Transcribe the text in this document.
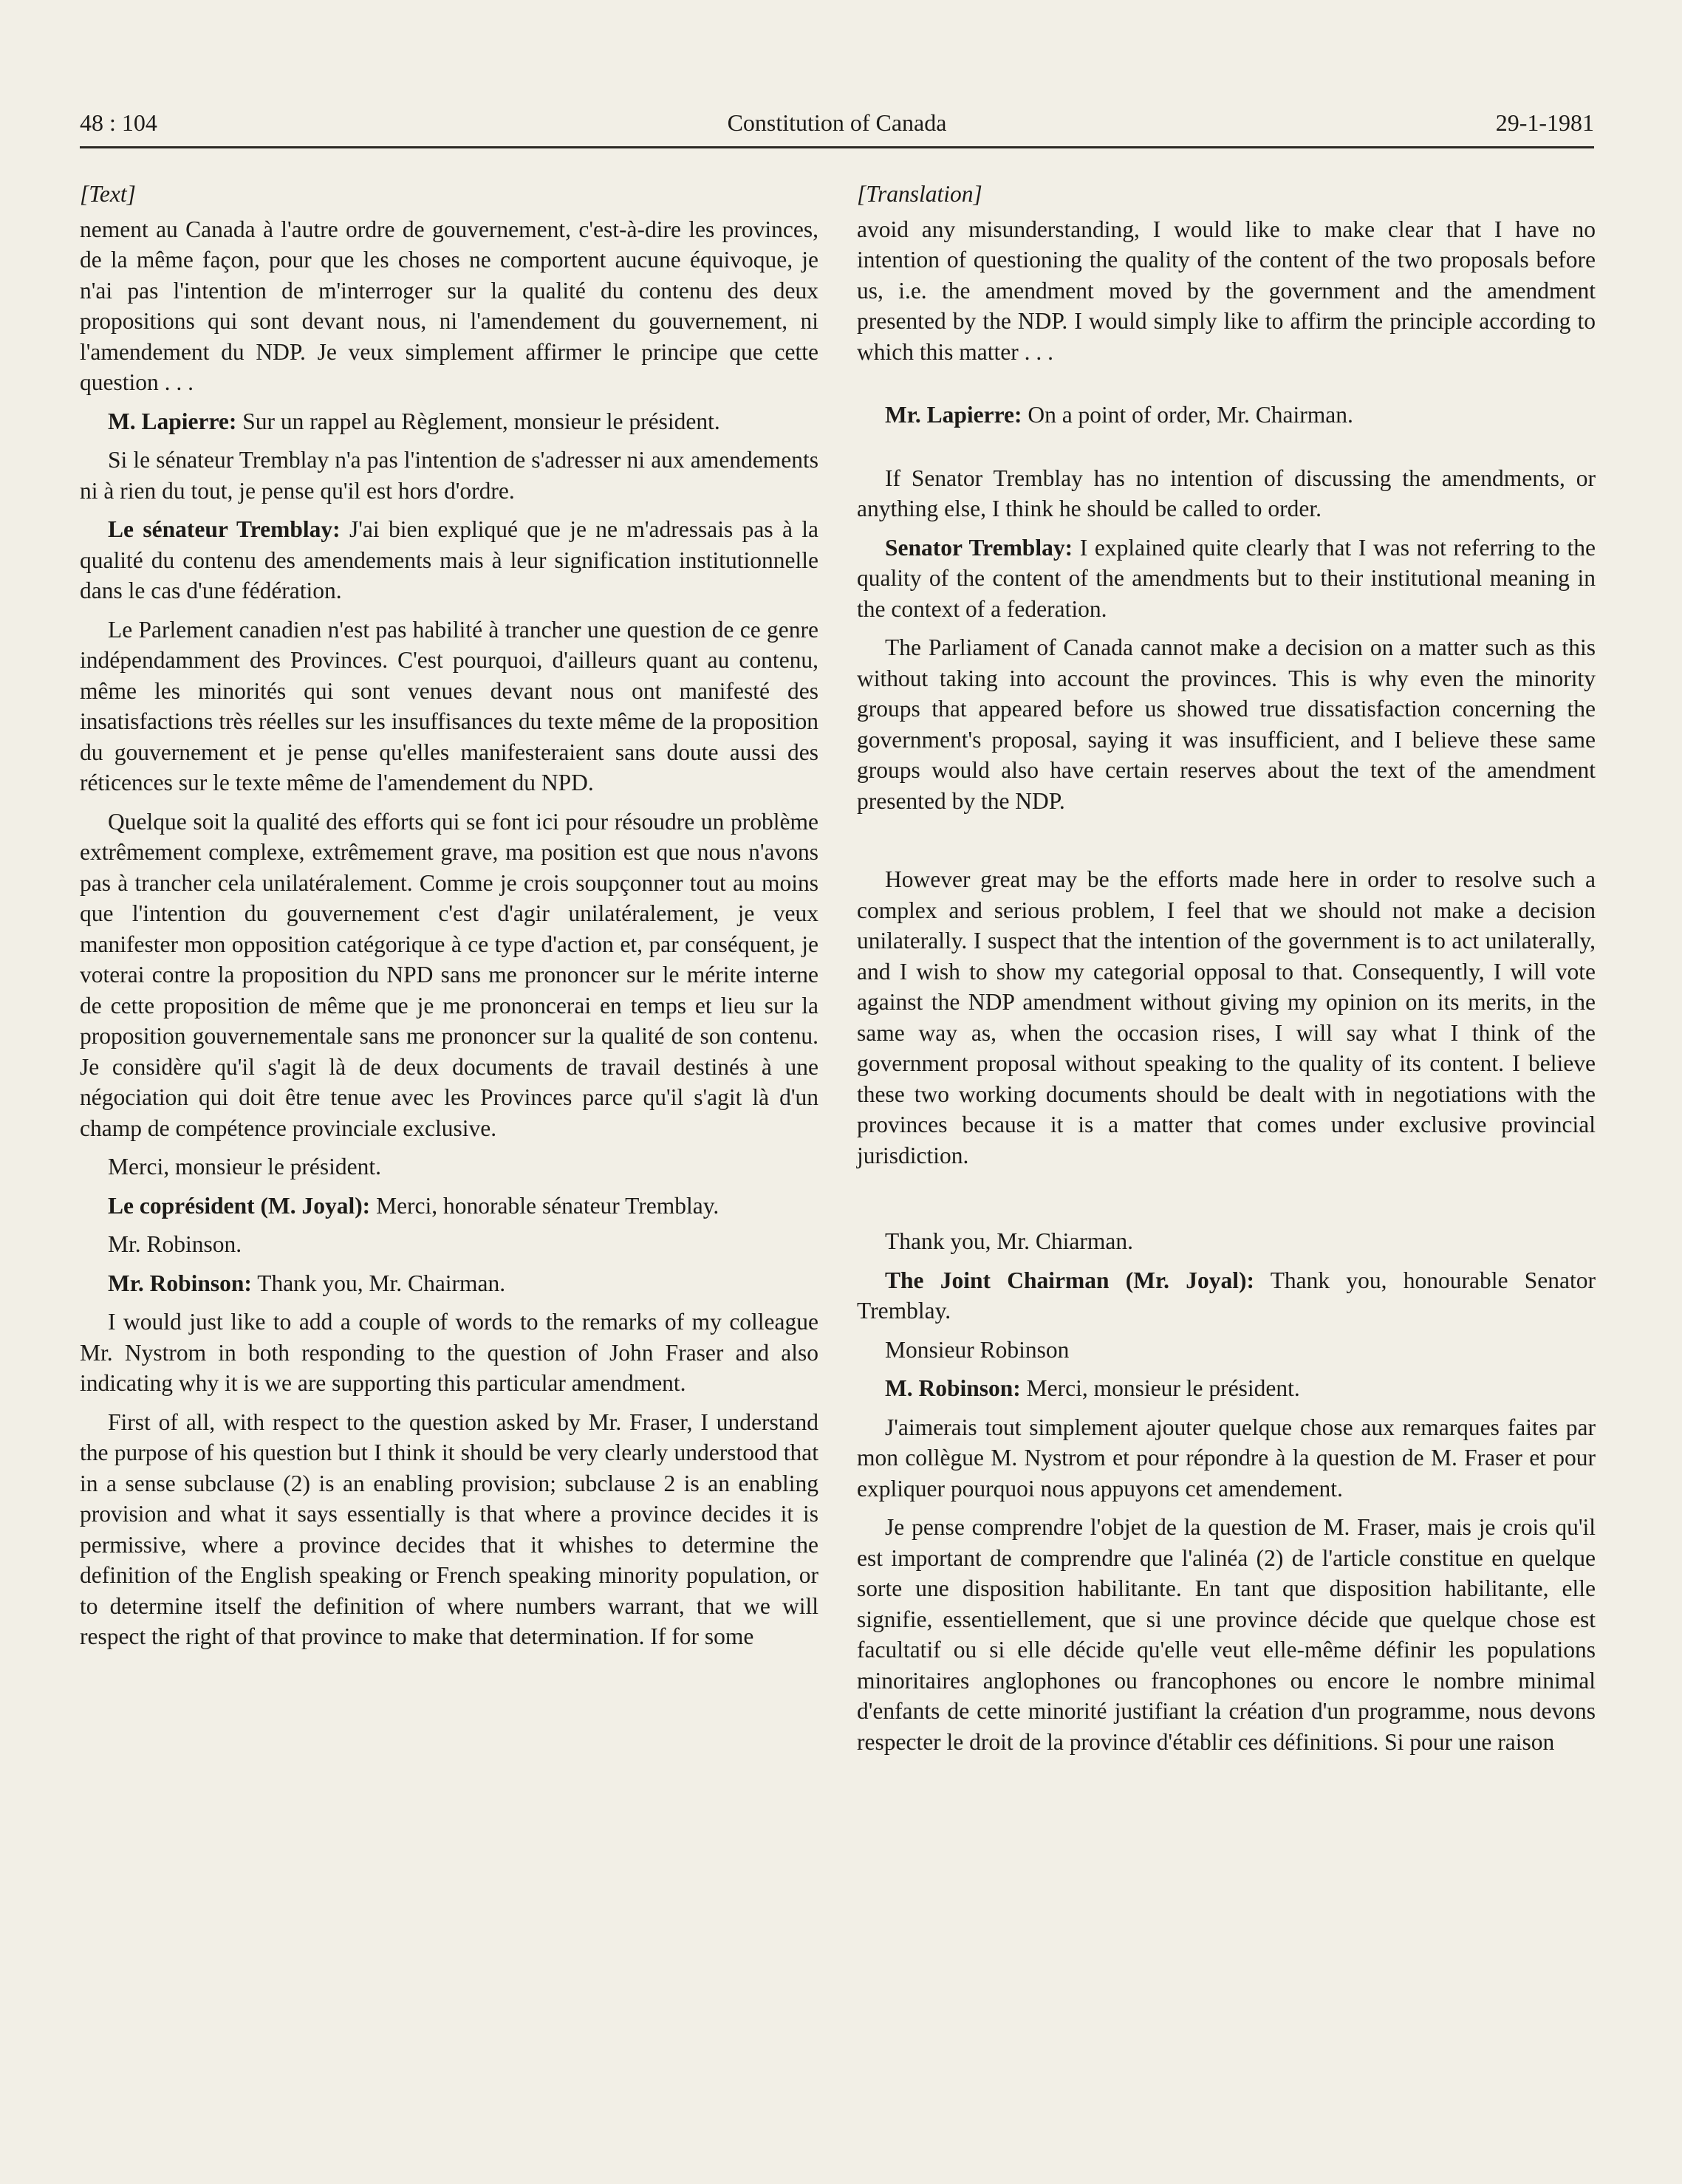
48 : 104	Constitution of Canada	29-1-1981
[Text]

nement au Canada à l'autre ordre de gouvernement, c'est-à-dire les provinces, de la même façon, pour que les choses ne comportent aucune équivoque, je n'ai pas l'intention de m'interroger sur la qualité du contenu des deux propositions qui sont devant nous, ni l'amendement du gouvernement, ni l'amendement du NDP. Je veux simplement affirmer le principe que cette question . . .

M. Lapierre: Sur un rappel au Règlement, monsieur le président.

Si le sénateur Tremblay n'a pas l'intention de s'adresser ni aux amendements ni à rien du tout, je pense qu'il est hors d'ordre.

Le sénateur Tremblay: J'ai bien expliqué que je ne m'adressais pas à la qualité du contenu des amendements mais à leur signification institutionnelle dans le cas d'une fédération.

Le Parlement canadien n'est pas habilité à trancher une question de ce genre indépendamment des Provinces. C'est pourquoi, d'ailleurs quant au contenu, même les minorités qui sont venues devant nous ont manifesté des insatisfactions très réelles sur les insuffisances du texte même de la proposition du gouvernement et je pense qu'elles manifesteraient sans doute aussi des réticences sur le texte même de l'amendement du NPD.

Quelque soit la qualité des efforts qui se font ici pour résoudre un problème extrêmement complexe, extrêmement grave, ma position est que nous n'avons pas à trancher cela unilatéralement. Comme je crois soupçonner tout au moins que l'intention du gouvernement c'est d'agir unilatéralement, je veux manifester mon opposition catégorique à ce type d'action et, par conséquent, je voterai contre la proposition du NPD sans me prononcer sur le mérite interne de cette proposition de même que je me prononcerai en temps et lieu sur la proposition gouvernementale sans me prononcer sur la qualité de son contenu. Je considère qu'il s'agit là de deux documents de travail destinés à une négociation qui doit être tenue avec les Provinces parce qu'il s'agit là d'un champ de compétence provinciale exclusive.

Merci, monsieur le président.

Le coprésident (M. Joyal): Merci, honorable sénateur Tremblay.

Mr. Robinson.

Mr. Robinson: Thank you, Mr. Chairman.

I would just like to add a couple of words to the remarks of my colleague Mr. Nystrom in both responding to the question of John Fraser and also indicating why it is we are supporting this particular amendment.

First of all, with respect to the question asked by Mr. Fraser, I understand the purpose of his question but I think it should be very clearly understood that in a sense subclause (2) is an enabling provision; subclause 2 is an enabling provision and what it says essentially is that where a province decides it is permissive, where a province decides that it whishes to determine the definition of the English speaking or French speaking minority population, or to determine itself the definition of where numbers warrant, that we will respect the right of that province to make that determination. If for some

[Translation]

avoid any misunderstanding, I would like to make clear that I have no intention of questioning the quality of the content of the two proposals before us, i.e. the amendment moved by the government and the amendment presented by the NDP. I would simply like to affirm the principle according to which this matter . . .

Mr. Lapierre: On a point of order, Mr. Chairman.

If Senator Tremblay has no intention of discussing the amendments, or anything else, I think he should be called to order.

Senator Tremblay: I explained quite clearly that I was not referring to the quality of the content of the amendments but to their institutional meaning in the context of a federation.

The Parliament of Canada cannot make a decision on a matter such as this without taking into account the provinces. This is why even the minority groups that appeared before us showed true dissatisfaction concerning the government's proposal, saying it was insufficient, and I believe these same groups would also have certain reserves about the text of the amendment presented by the NDP.

However great may be the efforts made here in order to resolve such a complex and serious problem, I feel that we should not make a decision unilaterally. I suspect that the intention of the government is to act unilaterally, and I wish to show my categorial opposal to that. Consequently, I will vote against the NDP amendment without giving my opinion on its merits, in the same way as, when the occasion rises, I will say what I think of the government proposal without speaking to the quality of its content. I believe these two working documents should be dealt with in negotiations with the provinces because it is a matter that comes under exclusive provincial jurisdiction.

Thank you, Mr. Chiarman.

The Joint Chairman (Mr. Joyal): Thank you, honourable Senator Tremblay.

Monsieur Robinson

M. Robinson: Merci, monsieur le président.

J'aimerais tout simplement ajouter quelque chose aux remarques faites par mon collègue M. Nystrom et pour répondre à la question de M. Fraser et pour expliquer pourquoi nous appuyons cet amendement.

Je pense comprendre l'objet de la question de M. Fraser, mais je crois qu'il est important de comprendre que l'alinéa (2) de l'article constitue en quelque sorte une disposition habilitante. En tant que disposition habilitante, elle signifie, essentiellement, que si une province décide que quelque chose est facultatif ou si elle décide qu'elle veut elle-même définir les populations minoritaires anglophones ou francophones ou encore le nombre minimal d'enfants de cette minorité justifiant la création d'un programme, nous devons respecter le droit de la province d'établir ces définitions. Si pour une raison
